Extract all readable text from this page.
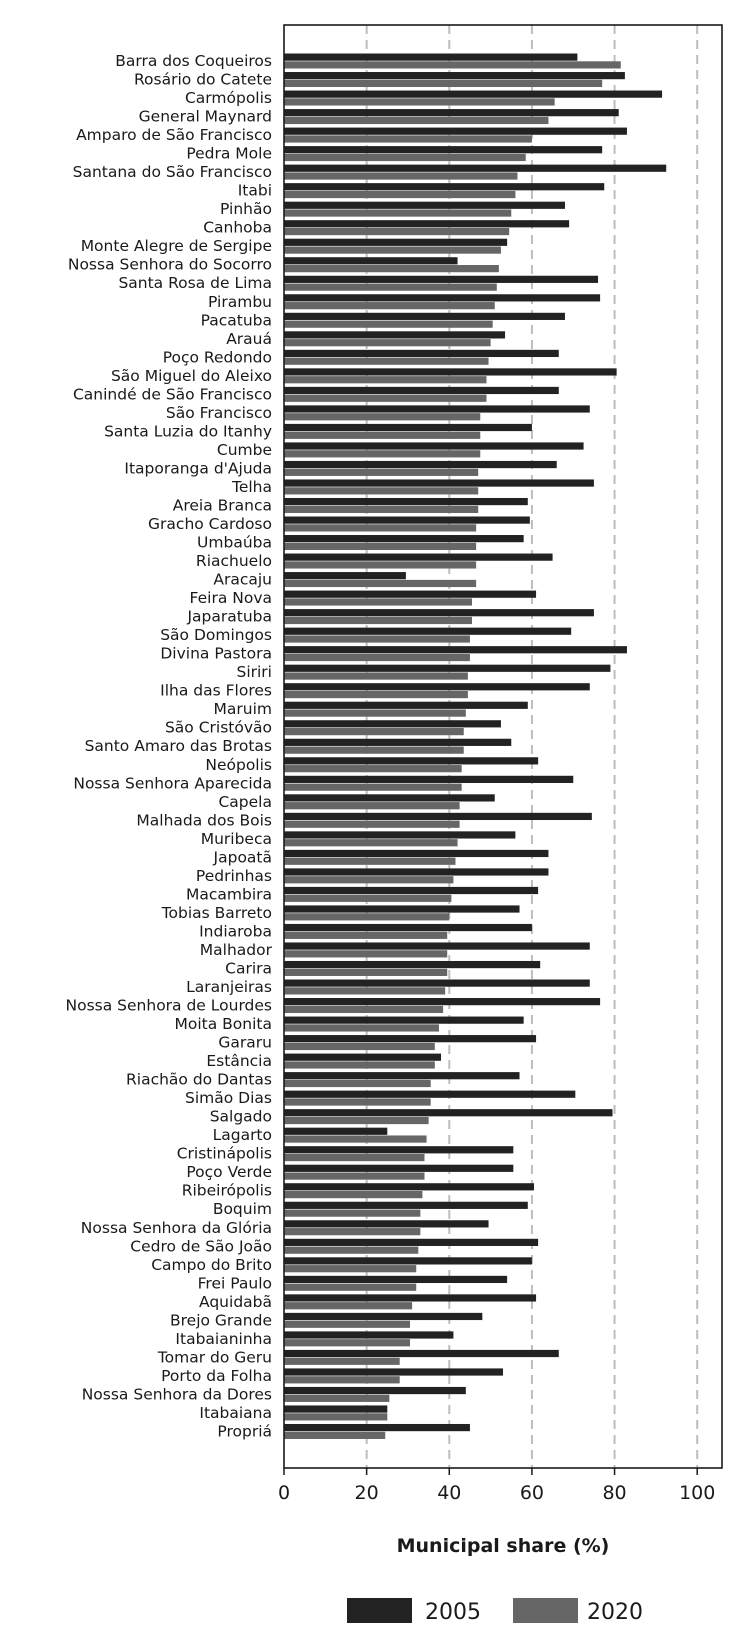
Barra dos Coqueiros
Rosário do Catete
Carmópolis
General Maynard
Amparo de São Francisco
Pedra Mole
Santana do São Francisco
Itabi
Pinhão
Canhoba
Monte Alegre de Sergipe
Nossa Senhora do Socorro
Santa Rosa de Lima
Pirambu
Pacatuba
Arauá
Poço Redondo
São Miguel do Aleixo
Canindé de São Francisco
São Francisco
Santa Luzia do Itanhy
Cumbe
Itaporanga d'Ajuda
Telha
Areia Branca
Gracho Cardoso
Umbaúba
Riachuelo
Aracaju
Feira Nova
Japaratuba
São Domingos
Divina Pastora
Siriri
Ilha das Flores
Maruim
São Cristóvão
Santo Amaro das Brotas
Neópolis
Nossa Senhora Aparecida
Capela
Malhada dos Bois
Muribeca
Japoatã
Pedrinhas
Macambira
Tobias Barreto
Indiaroba
Malhador
Carira
Laranjeiras
Nossa Senhora de Lourdes
Moita Bonita
Gararu
Estância
Riachão do Dantas
Simão Dias
Salgado
Lagarto
Cristinápolis
Poço Verde
Ribeirópolis
Boquim
Nossa Senhora da Glória
Cedro de São João
Campo do Brito
Frei Paulo
Aquidabã
Brejo Grande
Itabaianinha
Tomar do Geru
Porto da Folha
Nossa Senhora da Dores
Itabaiana
Propriá
0	20	40	60	80	100
Municipal share (%)
2005	2020
